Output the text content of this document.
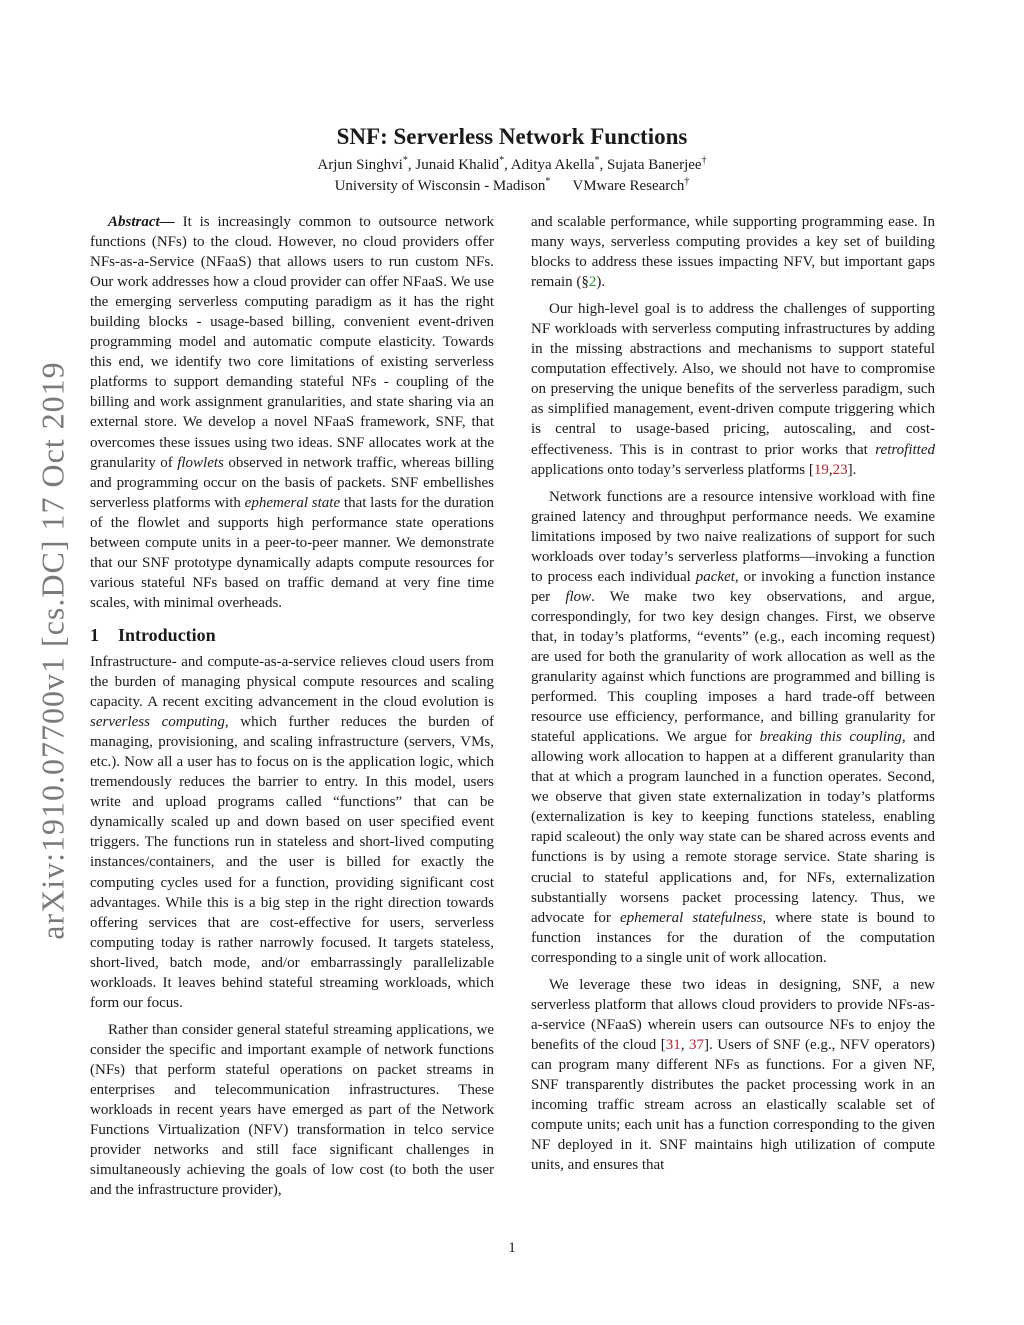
arXiv:1910.07700v1 [cs.DC] 17 Oct 2019
SNF: Serverless Network Functions
Arjun Singhvi*, Junaid Khalid*, Aditya Akella*, Sujata Banerjee†
University of Wisconsin - Madison* VMware Research†

Abstract— It is increasingly common to outsource network functions (NFs) to the cloud. However, no cloud providers offer NFs-as-a-Service (NFaaS) that allows users to run custom NFs. Our work addresses how a cloud provider can offer NFaaS. We use the emerging serverless computing paradigm as it has the right building blocks - usage-based billing, convenient event-driven programming model and automatic compute elasticity. Towards this end, we identify two core limitations of existing serverless platforms to support demanding stateful NFs - coupling of the billing and work assignment granularities, and state sharing via an external store. We develop a novel NFaaS framework, SNF, that overcomes these issues using two ideas. SNF allocates work at the granularity of flowlets observed in network traffic, whereas billing and programming occur on the basis of packets. SNF embellishes serverless platforms with ephemeral state that lasts for the duration of the flowlet and supports high performance state operations between compute units in a peer-to-peer manner. We demonstrate that our SNF prototype dynamically adapts compute resources for various stateful NFs based on traffic demand at very fine time scales, with minimal overheads.

1 Introduction

Infrastructure- and compute-as-a-service relieves cloud users from the burden of managing physical compute resources and scaling capacity. A recent exciting advancement in the cloud evolution is serverless computing, which further reduces the burden of managing, provisioning, and scaling infrastructure (servers, VMs, etc.). Now all a user has to focus on is the application logic, which tremendously reduces the barrier to entry. In this model, users write and upload programs called “functions” that can be dynamically scaled up and down based on user specified event triggers. The functions run in stateless and short-lived computing instances/containers, and the user is billed for exactly the computing cycles used for a function, providing significant cost advantages. While this is a big step in the right direction towards offering services that are cost-effective for users, serverless computing today is rather narrowly focused. It targets stateless, short-lived, batch mode, and/or embarrassingly parallelizable workloads. It leaves behind stateful streaming workloads, which form our focus.

Rather than consider general stateful streaming applications, we consider the specific and important example of network functions (NFs) that perform stateful operations on packet streams in enterprises and telecommunication infrastructures. These workloads in recent years have emerged as part of the Network Functions Virtualization (NFV) transformation in telco service provider networks and still face significant challenges in simultaneously achieving the goals of low cost (to both the user and the infrastructure provider),

and scalable performance, while supporting programming ease. In many ways, serverless computing provides a key set of building blocks to address these issues impacting NFV, but important gaps remain (§2).

Our high-level goal is to address the challenges of supporting NF workloads with serverless computing infrastructures by adding in the missing abstractions and mechanisms to support stateful computation effectively. Also, we should not have to compromise on preserving the unique benefits of the serverless paradigm, such as simplified management, event-driven compute triggering which is central to usage-based pricing, autoscaling, and cost-effectiveness. This is in contrast to prior works that retrofitted applications onto today’s serverless platforms [19,23].

Network functions are a resource intensive workload with fine grained latency and throughput performance needs. We examine limitations imposed by two naive realizations of support for such workloads over today’s serverless platforms—invoking a function to process each individual packet, or invoking a function instance per flow. We make two key observations, and argue, correspondingly, for two key design changes. First, we observe that, in today’s platforms, “events” (e.g., each incoming request) are used for both the granularity of work allocation as well as the granularity against which functions are programmed and billing is performed. This coupling imposes a hard trade-off between resource use efficiency, performance, and billing granularity for stateful applications. We argue for breaking this coupling, and allowing work allocation to happen at a different granularity than that at which a program launched in a function operates. Second, we observe that given state externalization in today’s platforms (externalization is key to keeping functions stateless, enabling rapid scaleout) the only way state can be shared across events and functions is by using a remote storage service. State sharing is crucial to stateful applications and, for NFs, externalization substantially worsens packet processing latency. Thus, we advocate for ephemeral statefulness, where state is bound to function instances for the duration of the computation corresponding to a single unit of work allocation.

We leverage these two ideas in designing, SNF, a new serverless platform that allows cloud providers to provide NFs-as-a-service (NFaaS) wherein users can outsource NFs to enjoy the benefits of the cloud [31, 37]. Users of SNF (e.g., NFV operators) can program many different NFs as functions. For a given NF, SNF transparently distributes the packet processing work in an incoming traffic stream across an elastically scalable set of compute units; each unit has a function corresponding to the given NF deployed in it. SNF maintains high utilization of compute units, and ensures that

1
